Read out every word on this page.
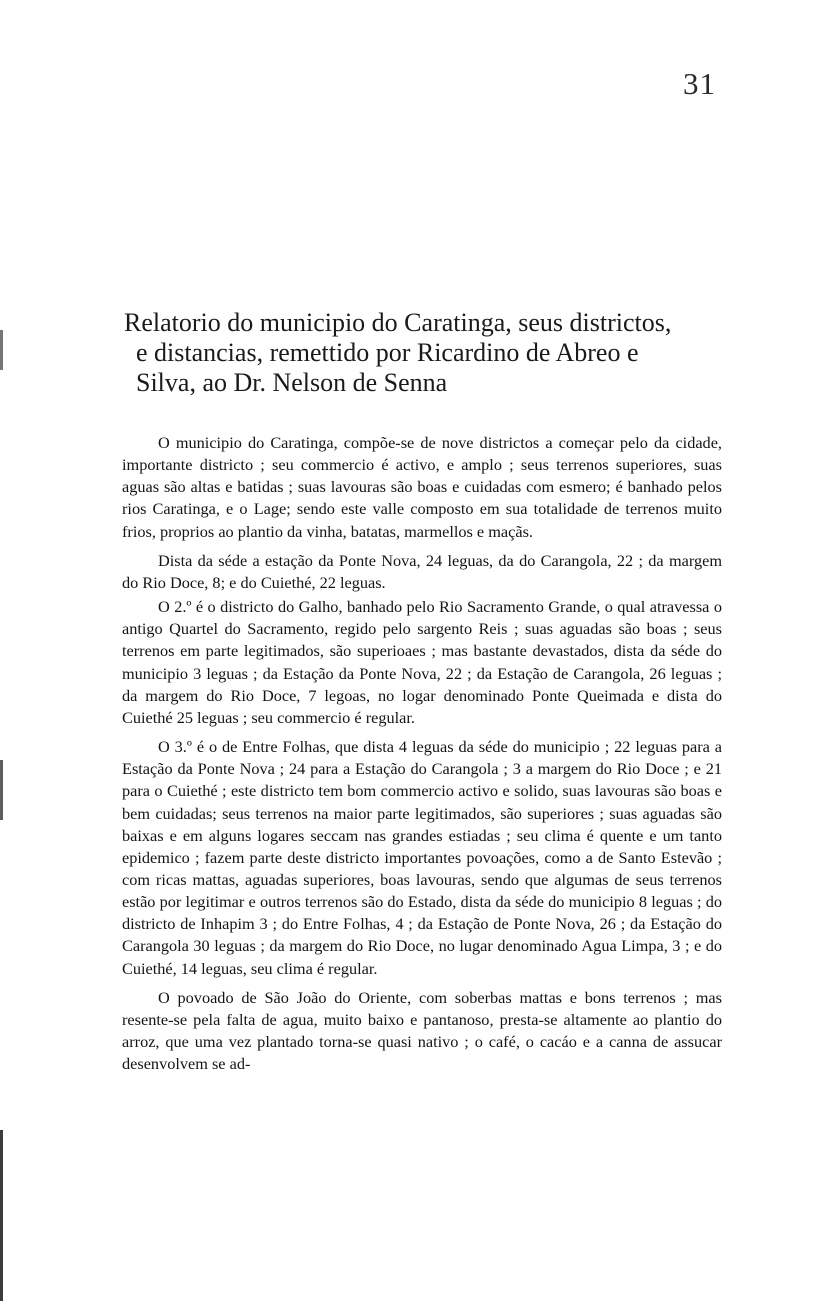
31
Relatorio do municipio do Caratinga, seus districtos,
e distancias, remettido por Ricardino de Abreo e
Silva, ao Dr. Nelson de Senna

O municipio do Caratinga, compõe-se de nove districtos a começar pelo da cidade, importante districto ; seu commercio é activo, e amplo ; seus terrenos superiores, suas aguas são altas e batidas ; suas lavouras são boas e cuidadas com esmero; é banhado pelos rios Caratinga, e o Lage; sendo este valle composto em sua totalidade de terrenos muito frios, proprios ao plantio da vinha, batatas, marmellos e maçãs.

Dista da séde a estação da Ponte Nova, 24 leguas, da do Carangola, 22 ; da margem do Rio Doce, 8; e do Cuiethé, 22 leguas.

O 2.º é o districto do Galho, banhado pelo Rio Sacramento Grande, o qual atravessa o antigo Quartel do Sacramento, regido pelo sargento Reis ; suas aguadas são boas ; seus terrenos em parte legitimados, são superioaes ; mas bastante devastados, dista da séde do municipio 3 leguas ; da Estação da Ponte Nova, 22 ; da Estação de Carangola, 26 leguas ; da margem do Rio Doce, 7 legoas, no logar denominado Ponte Queimada e dista do Cuiethé 25 leguas ; seu commercio é regular.

O 3.º é o de Entre Folhas, que dista 4 leguas da séde do municipio ; 22 leguas para a Estação da Ponte Nova ; 24 para a Estação do Carangola ; 3 a margem do Rio Doce ; e 21 para o Cuiethé ; este districto tem bom commercio activo e solido, suas lavouras são boas e bem cuidadas; seus terrenos na maior parte legitimados, são superiores ; suas aguadas são baixas e em alguns logares seccam nas grandes estiadas ; seu clima é quente e um tanto epidemico ; fazem parte deste districto importantes povoações, como a de Santo Estevão ; com ricas mattas, aguadas superiores, boas lavouras, sendo que algumas de seus terrenos estão por legitimar e outros terrenos são do Estado, dista da séde do municipio 8 leguas ; do districto de Inhapim 3 ; do Entre Folhas, 4 ; da Estação de Ponte Nova, 26 ; da Estação do Carangola 30 leguas ; da margem do Rio Doce, no lugar denominado Agua Limpa, 3 ; e do Cuiethé, 14 leguas, seu clima é regular.

O povoado de São João do Oriente, com soberbas mattas e bons terrenos ; mas resente-se pela falta de agua, muito baixo e pantanoso, presta-se altamente ao plantio do arroz, que uma vez plantado torna-se quasi nativo ; o café, o cacáo e a canna de assucar desenvolvem se ad-
